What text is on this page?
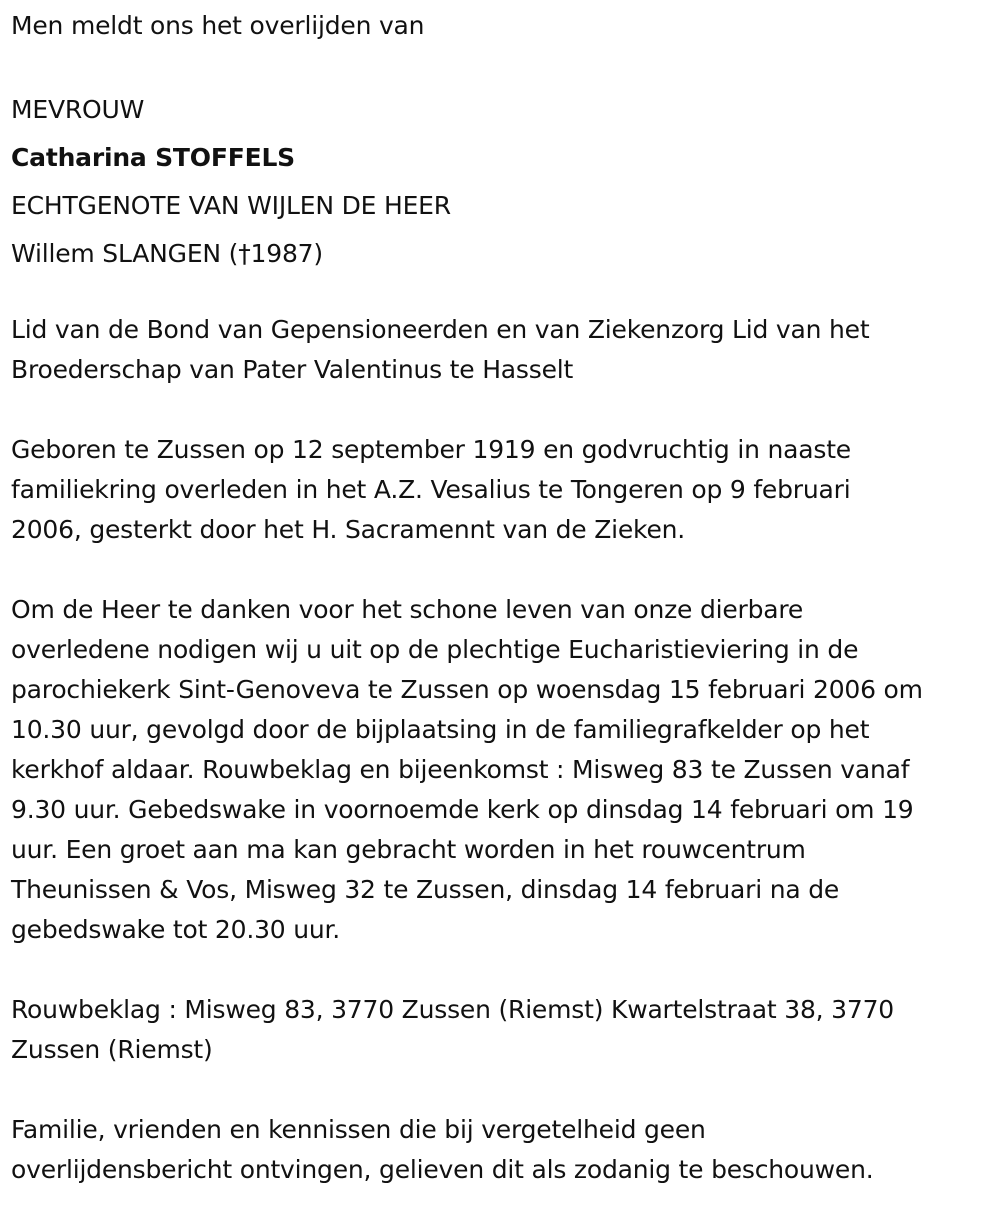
Men meldt ons het overlijden van

MEVROUW

Catharina STOFFELS

ECHTGENOTE VAN WIJLEN DE HEER

Willem SLANGEN (†1987)

Lid van de Bond van Gepensioneerden en van Ziekenzorg Lid van het

Broederschap van Pater Valentinus te Hasselt

Geboren te Zussen op 12 september 1919 en godvruchtig in naaste

familiekring overleden in het A.Z. Vesalius te Tongeren op 9 februari

2006, gesterkt door het H. Sacramennt van de Zieken.

Om de Heer te danken voor het schone leven van onze dierbare

overledene nodigen wij u uit op de plechtige Eucharistieviering in de

parochiekerk Sint-Genoveva te Zussen op woensdag 15 februari 2006 om

10.30 uur, gevolgd door de bijplaatsing in de familiegrafkelder op het

kerkhof aldaar. Rouwbeklag en bijeenkomst : Misweg 83 te Zussen vanaf

9.30 uur. Gebedswake in voornoemde kerk op dinsdag 14 februari om 19

uur. Een groet aan ma kan gebracht worden in het rouwcentrum

Theunissen & Vos, Misweg 32 te Zussen, dinsdag 14 februari na de

gebedswake tot 20.30 uur.

Rouwbeklag : Misweg 83, 3770 Zussen (Riemst) Kwartelstraat 38, 3770

Zussen (Riemst)

Familie, vrienden en kennissen die bij vergetelheid geen

overlijdensbericht ontvingen, gelieven dit als zodanig te beschouwen.
